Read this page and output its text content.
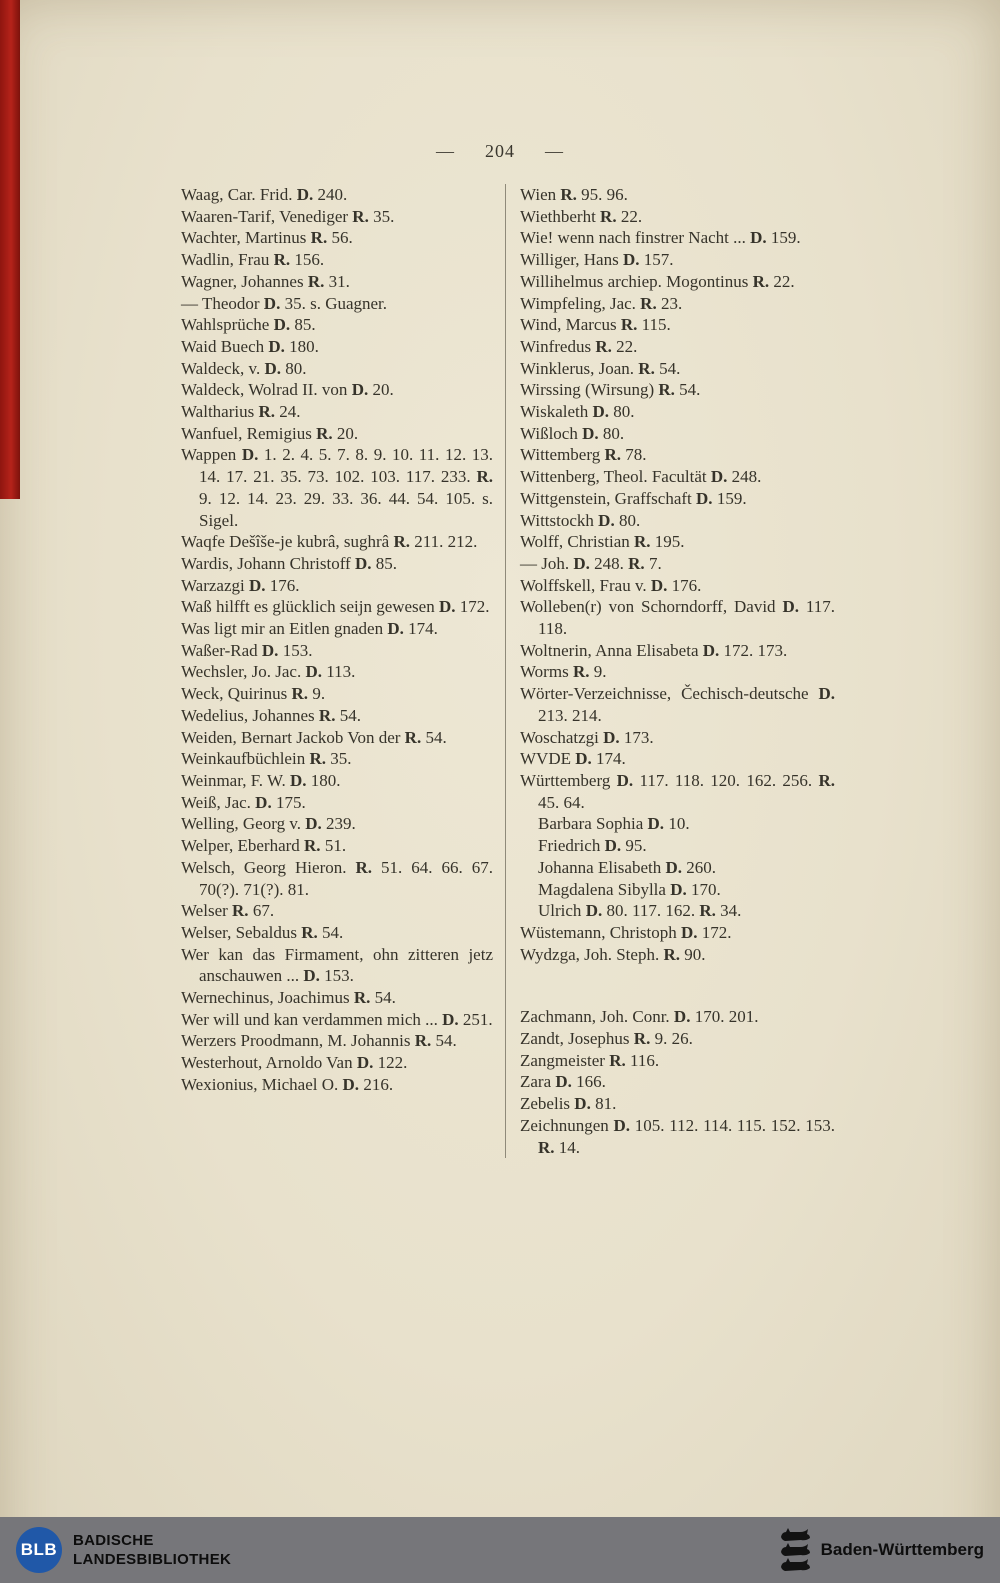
— 204 —
Waag, Car. Frid. D. 240.
Waaren-Tarif, Venediger R. 35.
Wachter, Martinus R. 56.
Wadlin, Frau R. 156.
Wagner, Johannes R. 31.
— Theodor D. 35. s. Guagner.
Wahlsprüche D. 85.
Waid Buech D. 180.
Waldeck, v. D. 80.
Waldeck, Wolrad II. von D. 20.
Waltharius R. 24.
Wanfuel, Remigius R. 20.
Wappen D. 1. 2. 4. 5. 7. 8. 9. 10. 11. 12. 13. 14. 17. 21. 35. 73. 102. 103. 117. 233. R. 9. 12. 14. 23. 29. 33. 36. 44. 54. 105. s. Sigel.
Waqfe Dešîše-je kubrâ, sughrâ R. 211. 212.
Wardis, Johann Christoff D. 85.
Warzazgi D. 176.
Waß hilfft es glücklich seijn gewesen D. 172.
Was ligt mir an Eitlen gnaden D. 174.
Waßer-Rad D. 153.
Wechsler, Jo. Jac. D. 113.
Weck, Quirinus R. 9.
Wedelius, Johannes R. 54.
Weiden, Bernart Jackob Von der R. 54.
Weinkaufbüchlein R. 35.
Weinmar, F. W. D. 180.
Weiß, Jac. D. 175.
Welling, Georg v. D. 239.
Welper, Eberhard R. 51.
Welsch, Georg Hieron. R. 51. 64. 66. 67. 70(?). 71(?). 81.
Welser R. 67.
Welser, Sebaldus R. 54.
Wer kan das Firmament, ohn zitteren jetz anschauwen ... D. 153.
Wernechinus, Joachimus R. 54.
Wer will und kan verdammen mich ... D. 251.
Werzers Proodmann, M. Johannis R. 54.
Westerhout, Arnoldo Van D. 122.
Wexionius, Michael O. D. 216.
Wien R. 95. 96.
Wiethberht R. 22.
Wie! wenn nach finstrer Nacht ... D. 159.
Williger, Hans D. 157.
Willihelmus archiep. Mogontinus R. 22.
Wimpfeling, Jac. R. 23.
Wind, Marcus R. 115.
Winfredus R. 22.
Winklerus, Joan. R. 54.
Wirssing (Wirsung) R. 54.
Wiskaleth D. 80.
Wißloch D. 80.
Wittemberg R. 78.
Wittenberg, Theol. Facultät D. 248.
Wittgenstein, Graffschaft D. 159.
Wittstockh D. 80.
Wolff, Christian R. 195.
— Joh. D. 248. R. 7.
Wolffskell, Frau v. D. 176.
Wolleben(r) von Schorndorff, David D. 117. 118.
Woltnerin, Anna Elisabeta D. 172. 173.
Worms R. 9.
Wörter-Verzeichnisse, Čechisch-deutsche D. 213. 214.
Woschatzgi D. 173.
WVDE D. 174.
Württemberg D. 117. 118. 120. 162. 256. R. 45. 64.
Barbara Sophia D. 10.
Friedrich D. 95.
Johanna Elisabeth D. 260.
Magdalena Sibylla D. 170.
Ulrich D. 80. 117. 162. R. 34.
Wüstemann, Christoph D. 172.
Wydzga, Joh. Steph. R. 90.
Zachmann, Joh. Conr. D. 170. 201.
Zandt, Josephus R. 9. 26.
Zangmeister R. 116.
Zara D. 166.
Zebelis D. 81.
Zeichnungen D. 105. 112. 114. 115. 152. 153. R. 14.
BLB BADISCHE
LANDESBIBLIOTHEK
Baden-Württemberg
